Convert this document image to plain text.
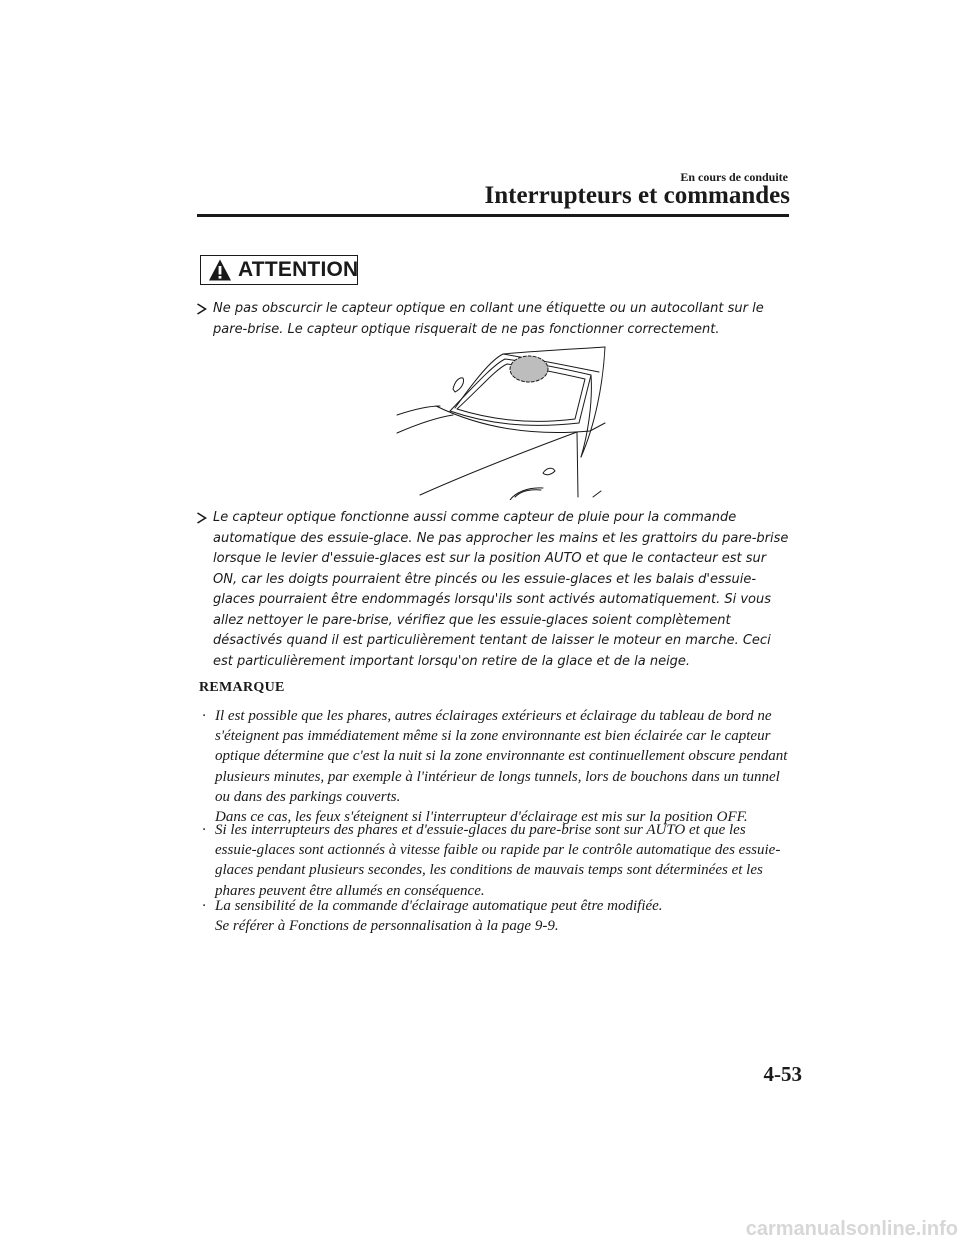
En cours de conduite
Interrupteurs et commandes
ATTENTION
Ne pas obscurcir le capteur optique en collant une étiquette ou un autocollant sur le pare-brise. Le capteur optique risquerait de ne pas fonctionner correctement.
Le capteur optique fonctionne aussi comme capteur de pluie pour la commande automatique des essuie-glace. Ne pas approcher les mains et les grattoirs du pare-brise lorsque le levier d'essuie-glaces est sur la position AUTO et que le contacteur est sur ON, car les doigts pourraient être pincés ou les essuie-glaces et les balais d'essuie-glaces pourraient être endommagés lorsqu'ils sont activés automatiquement. Si vous allez nettoyer le pare-brise, vérifiez que les essuie-glaces soient complètement désactivés quand il est particulièrement tentant de laisser le moteur en marche. Ceci est particulièrement important lorsqu'on retire de la glace et de la neige.
REMARQUE
· Il est possible que les phares, autres éclairages extérieurs et éclairage du tableau de bord ne s'éteignent pas immédiatement même si la zone environnante est bien éclairée car le capteur optique détermine que c'est la nuit si la zone environnante est continuellement obscure pendant plusieurs minutes, par exemple à l'intérieur de longs tunnels, lors de bouchons dans un tunnel ou dans des parkings couverts.
Dans ce cas, les feux s'éteignent si l'interrupteur d'éclairage est mis sur la position OFF.
· Si les interrupteurs des phares et d'essuie-glaces du pare-brise sont sur AUTO et que les essuie-glaces sont actionnés à vitesse faible ou rapide par le contrôle automatique des essuie-glaces pendant plusieurs secondes, les conditions de mauvais temps sont déterminées et les phares peuvent être allumés en conséquence.
· La sensibilité de la commande d'éclairage automatique peut être modifiée.
Se référer à Fonctions de personnalisation à la page 9-9.
4-53
carmanualsonline.info
